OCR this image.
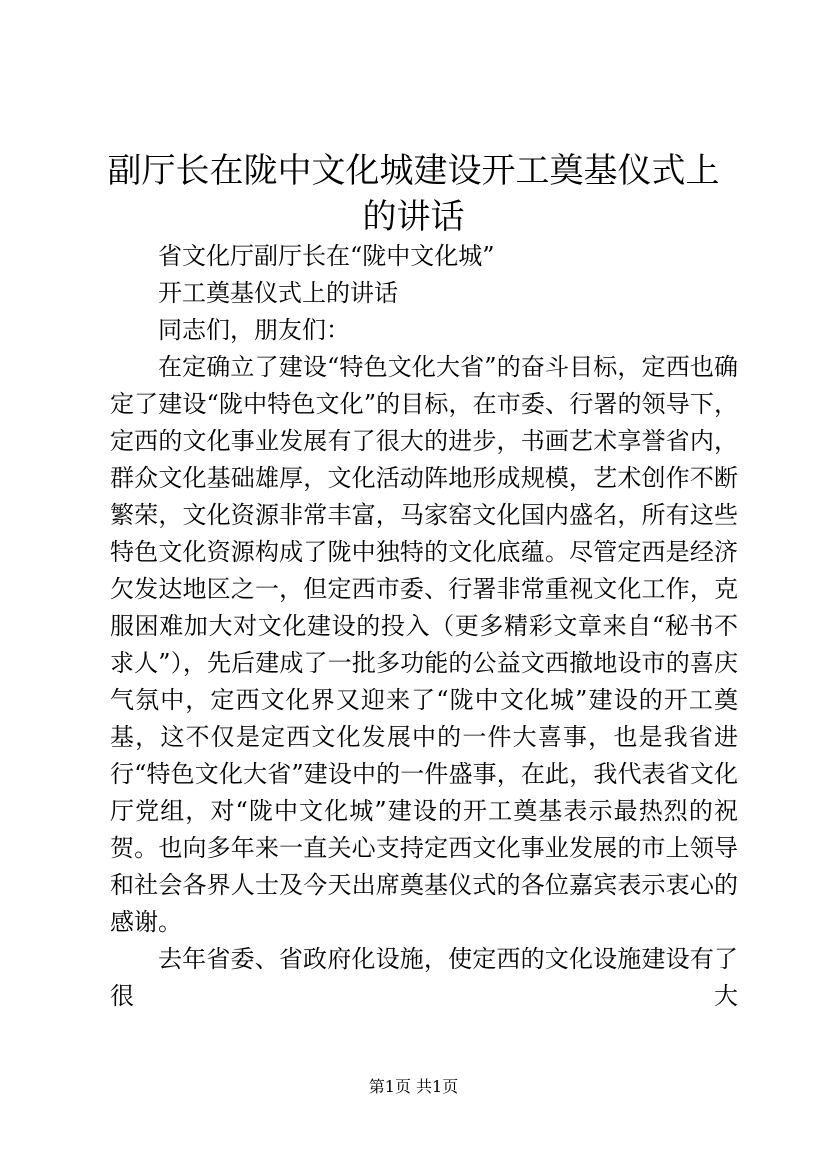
副厅长在陇中文化城建设开工奠基仪式上的讲话

省文化厅副厅长在“陇中文化城”

开工奠基仪式上的讲话

同志们，朋友们：

在定确立了建设“特色文化大省”的奋斗目标，定西也确定了建设“陇中特色文化”的目标，在市委、行署的领导下，定西的文化事业发展有了很大的进步，书画艺术享誉省内，群众文化基础雄厚，文化活动阵地形成规模，艺术创作不断繁荣，文化资源非常丰富，马家窑文化国内盛名，所有这些特色文化资源构成了陇中独特的文化底蕴。尽管定西是经济欠发达地区之一，但定西市委、行署非常重视文化工作，克服困难加大对文化建设的投入（更多精彩文章来自“秘书不求人”），先后建成了一批多功能的公益文西撤地设市的喜庆气氛中，定西文化界又迎来了“陇中文化城”建设的开工奠基，这不仅是定西文化发展中的一件大喜事，也是我省进行“特色文化大省”建设中的一件盛事，在此，我代表省文化厅党组，对“陇中文化城”建设的开工奠基表示最热烈的祝贺。也向多年来一直关心支持定西文化事业发展的市上领导和社会各界人士及今天出席奠基仪式的各位嘉宾表示衷心的感谢。

去年省委、省政府化设施，使定西的文化设施建设有了很大

第1页 共1页
